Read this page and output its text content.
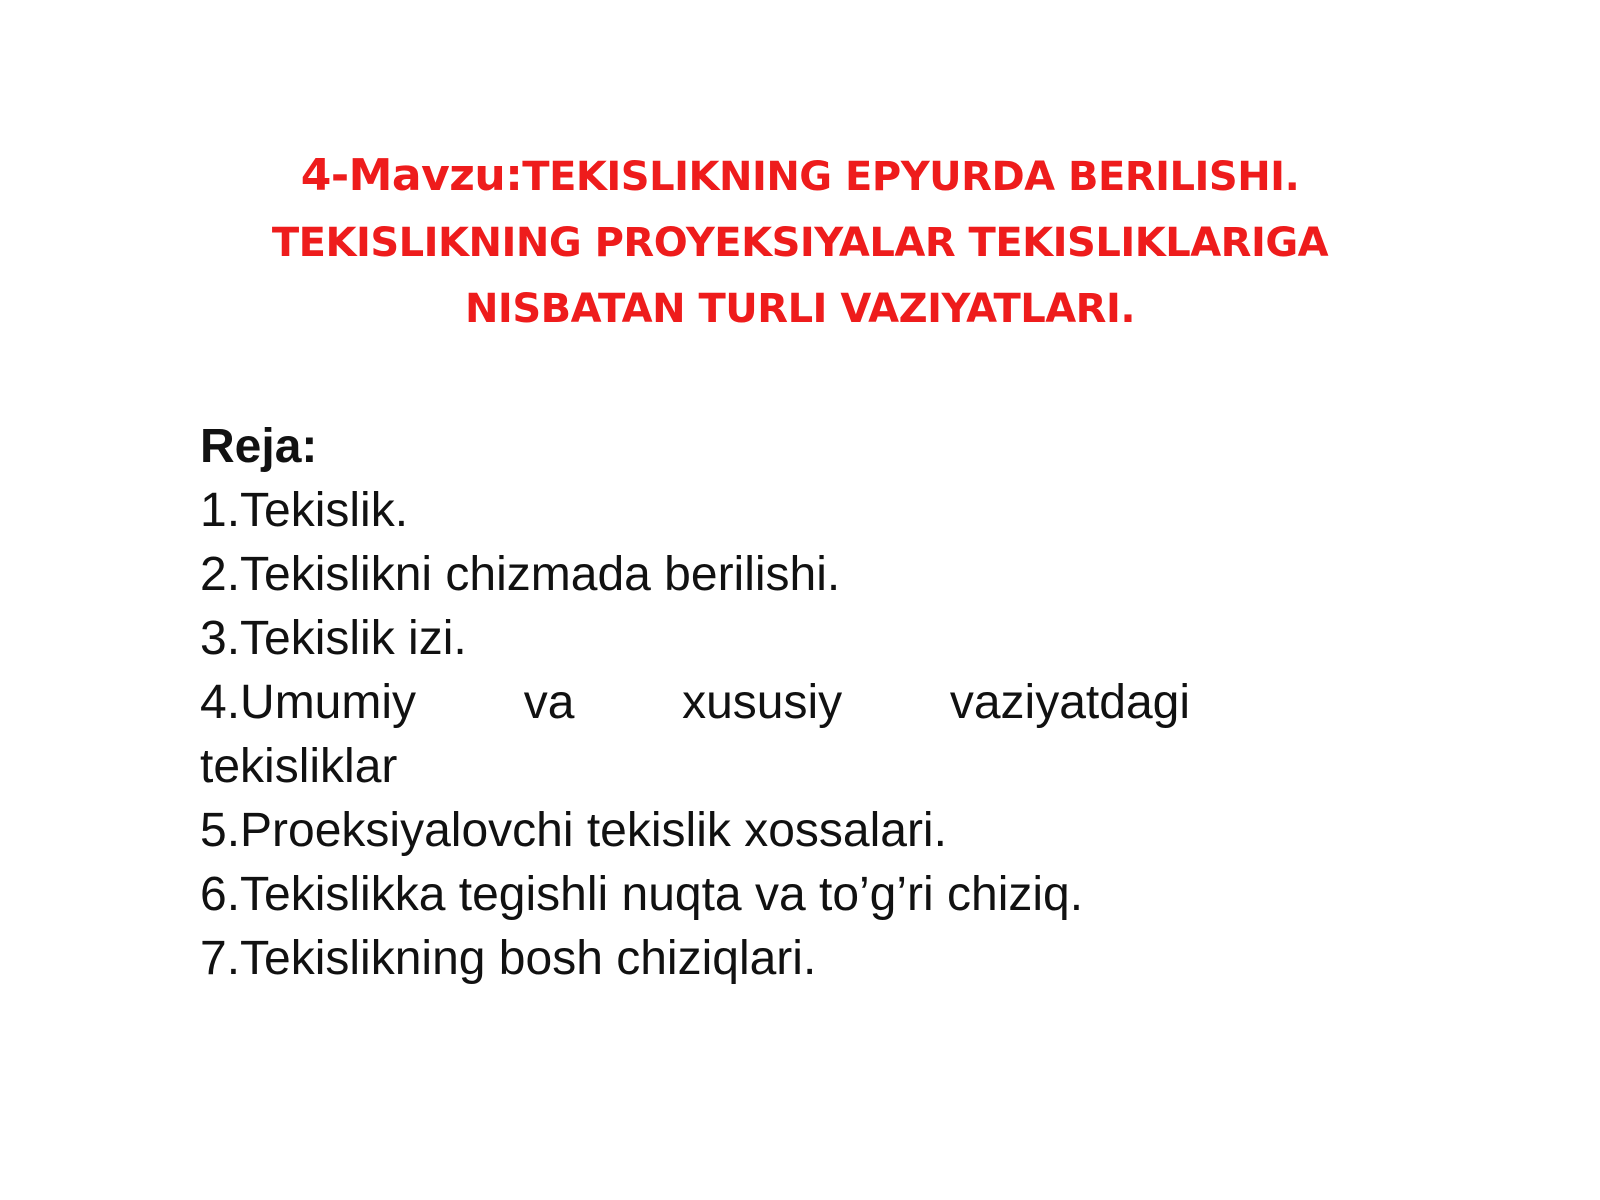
4-Mavzu:TEKISLIKNING EPYURDA BERILISHI.
TEKISLIKNING PROYEKSIYALAR TEKISLIKLARIGA
NISBATAN TURLI VAZIYATLARI.
Reja:
1.Tekislik.
2.Tekislikni chizmada berilishi.
3.Tekislik izi.
4.Umumiy va xususiy vaziyatdagi
tekisliklar
5.Proeksiyalovchi tekislik xossalari.
6.Tekislikka tegishli nuqta va to’g’ri chiziq.
7.Tekislikning bosh chiziqlari.
